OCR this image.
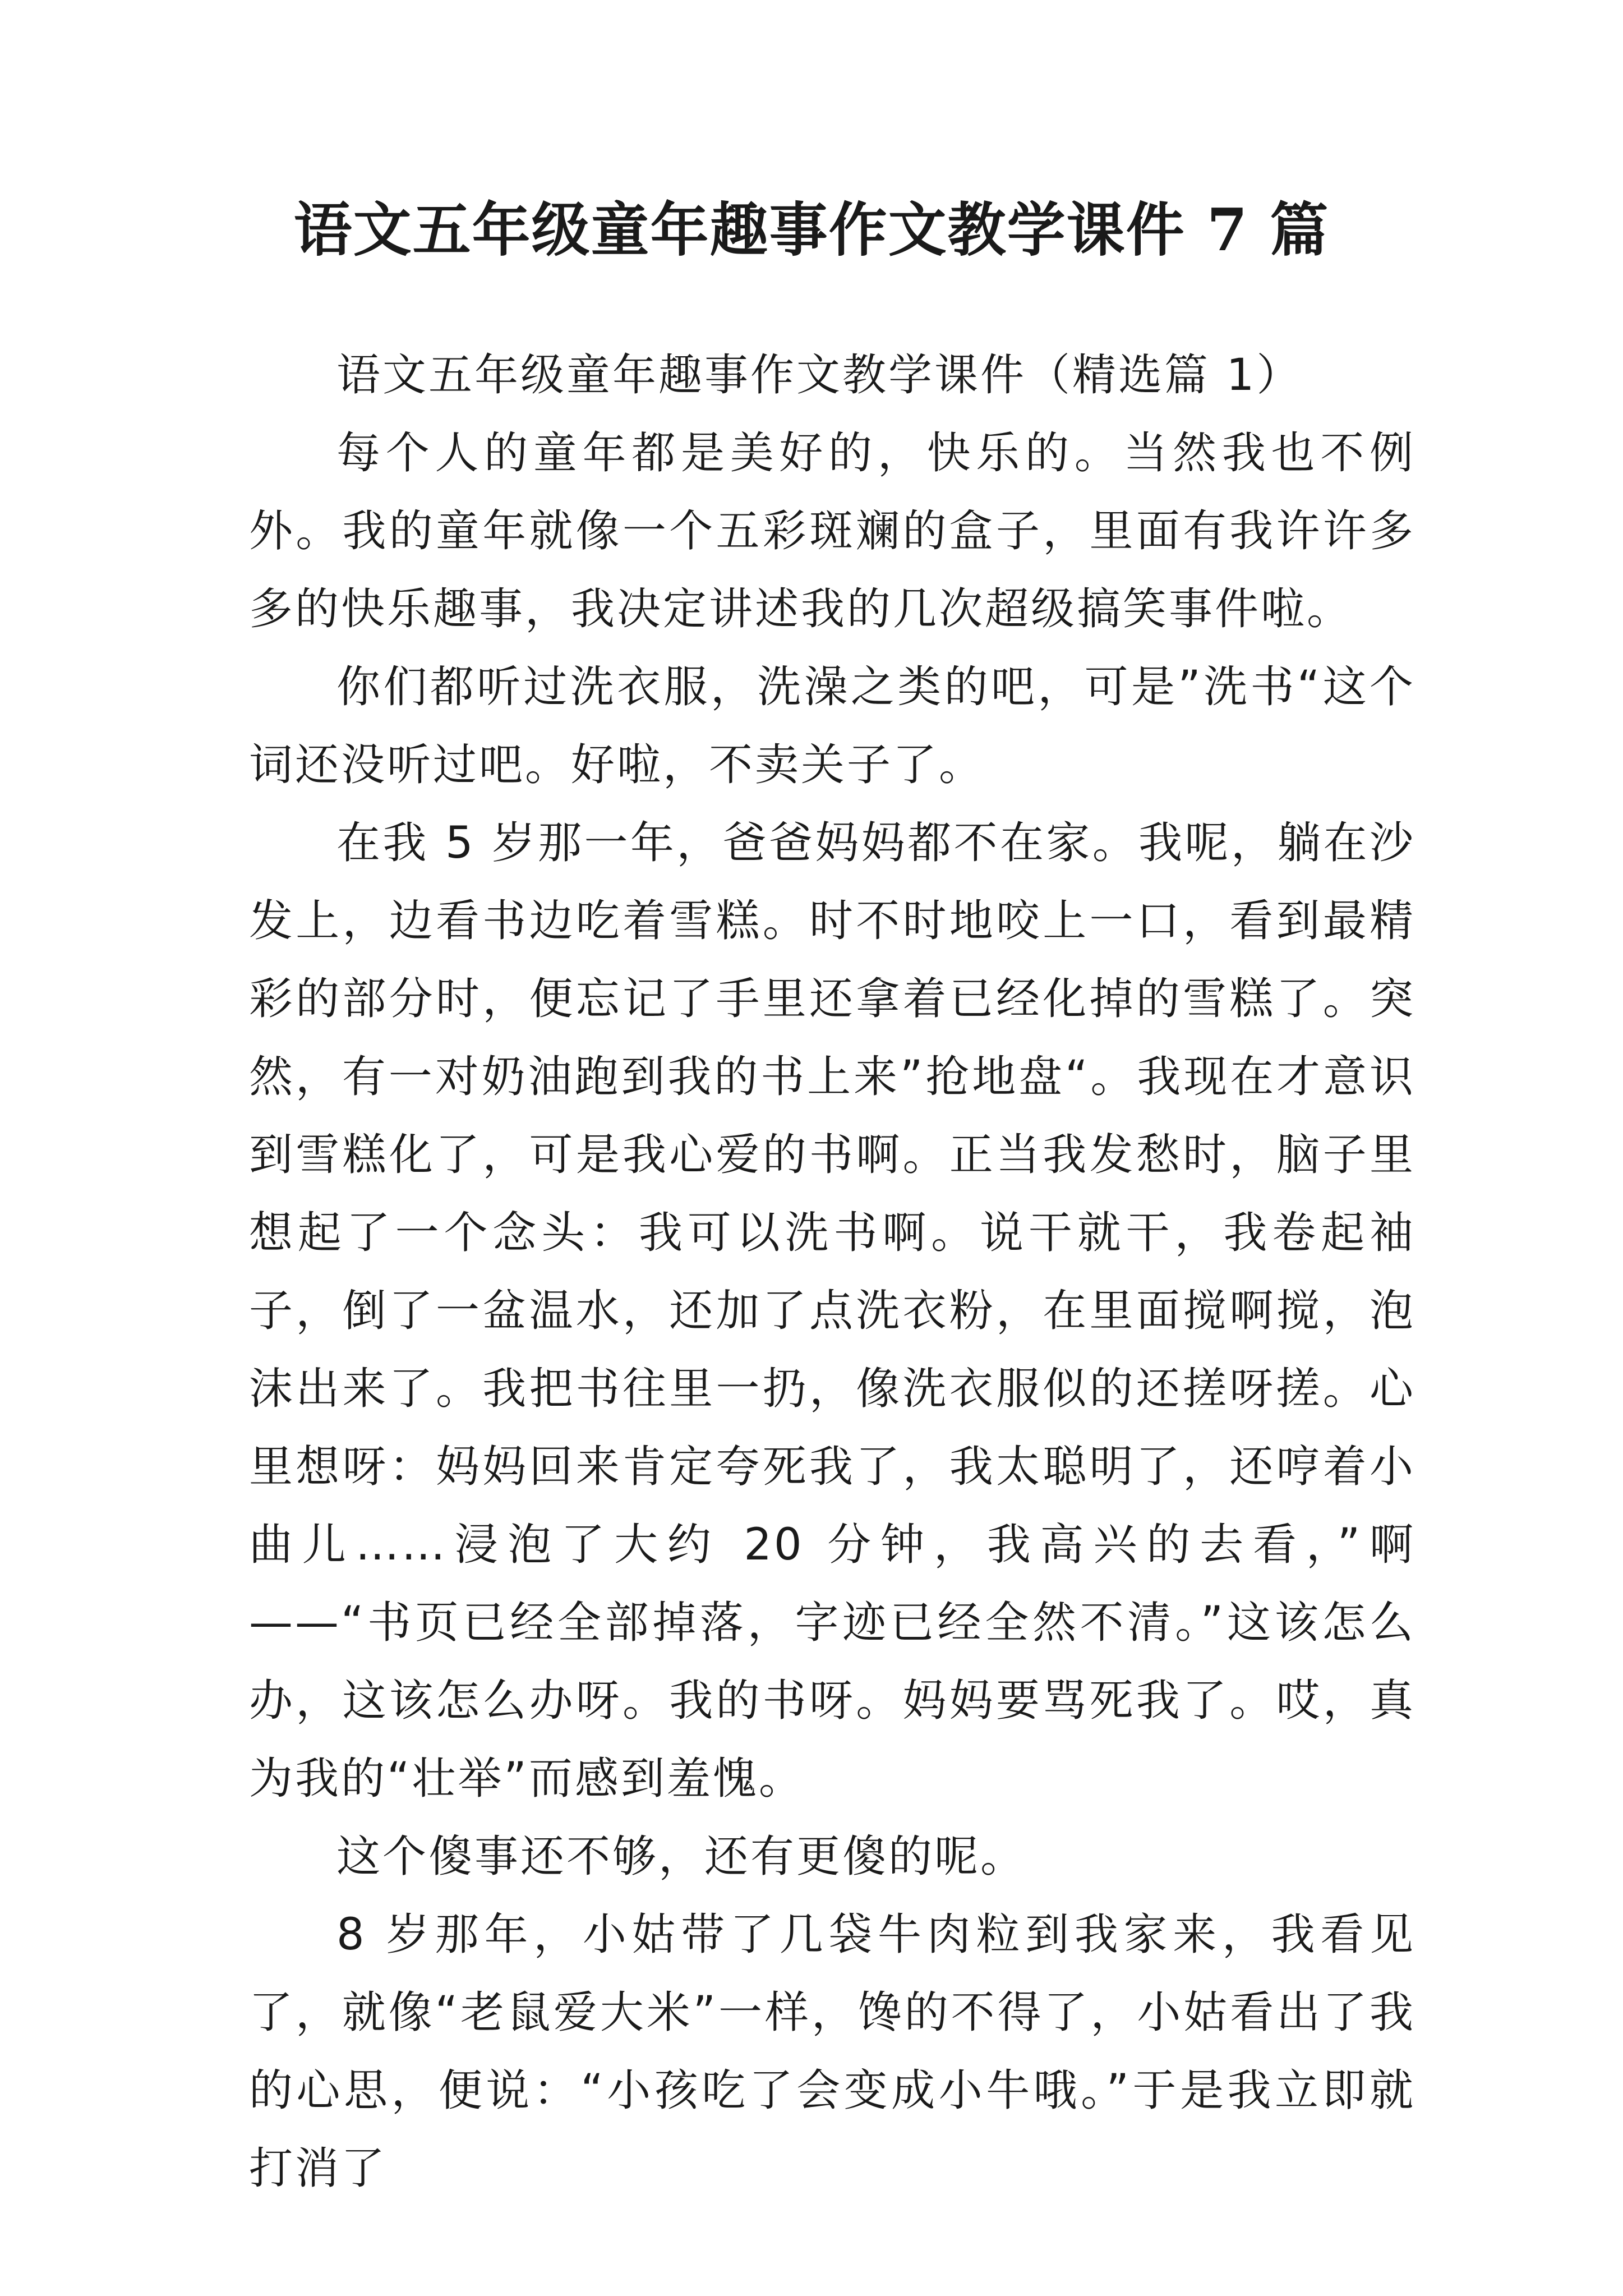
语文五年级童年趣事作文教学课件 7 篇

语文五年级童年趣事作文教学课件（精选篇 1）

每个人的童年都是美好的，快乐的。当然我也不例外。我的童年就像一个五彩斑斓的盒子，里面有我许许多多的快乐趣事，我决定讲述我的几次超级搞笑事件啦。

你们都听过洗衣服，洗澡之类的吧，可是”洗书“这个词还没听过吧。好啦，不卖关子了。

在我 5 岁那一年，爸爸妈妈都不在家。我呢，躺在沙发上，边看书边吃着雪糕。时不时地咬上一口，看到最精彩的部分时，便忘记了手里还拿着已经化掉的雪糕了。突然，有一对奶油跑到我的书上来”抢地盘“。我现在才意识到雪糕化了，可是我心爱的书啊。正当我发愁时，脑子里想起了一个念头：我可以洗书啊。说干就干，我卷起袖子，倒了一盆温水，还加了点洗衣粉，在里面搅啊搅，泡沫出来了。我把书往里一扔，像洗衣服似的还搓呀搓。心里想呀：妈妈回来肯定夸死我了，我太聪明了，还哼着小曲儿……浸泡了大约 20 分钟，我高兴的去看，”啊——“书页已经全部掉落，字迹已经全然不清。”这该怎么办，这该怎么办呀。我的书呀。妈妈要骂死我了。哎，真为我的“壮举”而感到羞愧。

这个傻事还不够，还有更傻的呢。

8 岁那年，小姑带了几袋牛肉粒到我家来，我看见了，就像“老鼠爱大米”一样，馋的不得了，小姑看出了我的心思，便说：“小孩吃了会变成小牛哦。”于是我立即就打消了
